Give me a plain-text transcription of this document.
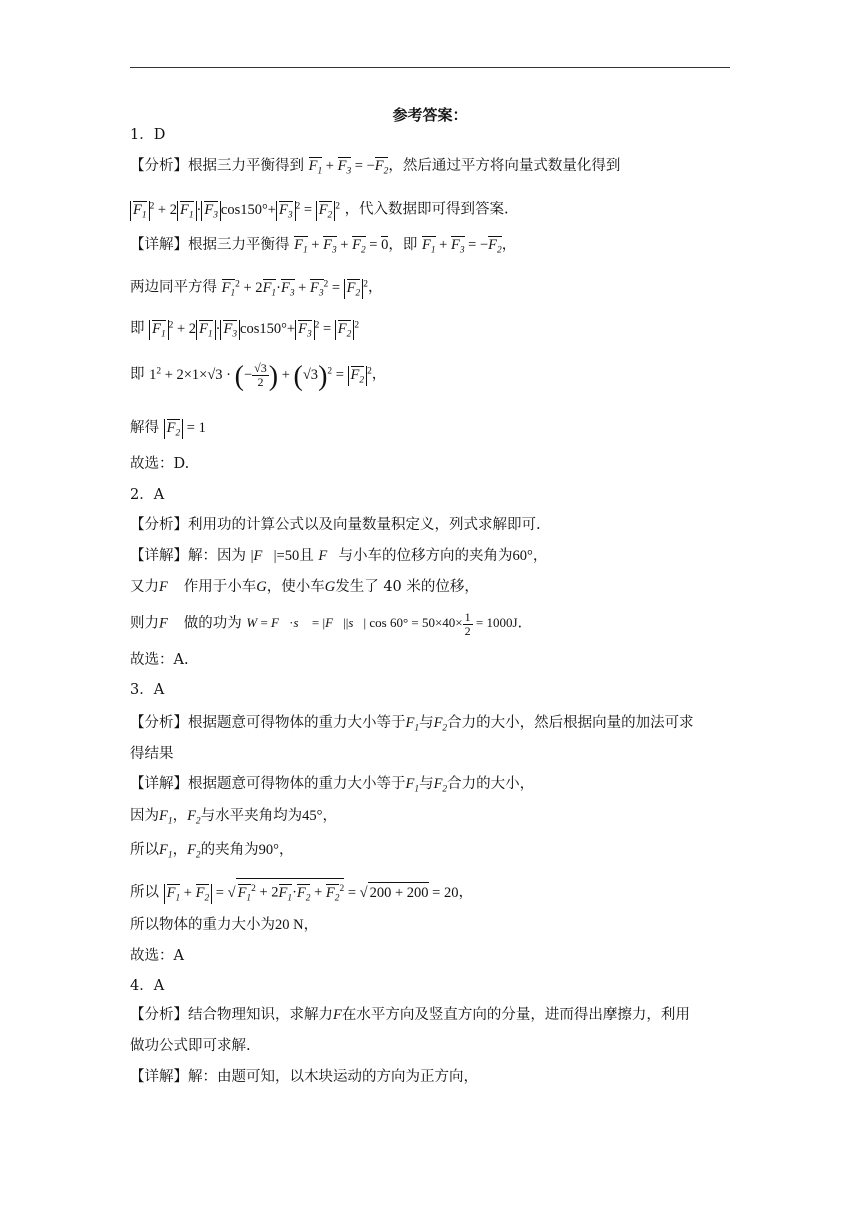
参考答案：
1．D
【分析】根据三力平衡得到 $F_1 + F_3 = -F_2$，然后通过平方将向量式数量化得到
$F_1^2 + 2$ $F_1 \cdot F_3$ $\cos 150^\circ+ F_3^2 = F_2^2$ ，代入数据即可得到答案.
【详解】根据三力平衡得 $F_1 + F_3 + F_2 = 0$，即 $F_1 + F_3 = -F_2$，
两边同平方得 $F_1^2 + 2F_1\cdot F_3 + F_3^2 = F_2^2$，
即 $F_1^2 + 2$ $F_1 \cdot F_3$ $\cos 150^\circ+ F_3^2 = F_2^2$
即 $1^2 + 2\times 1\times√3$ · (− $\frac{√3}{2}$ ) + $(√3)^2 = F_2^2$，
解得 $F_2 = 1$
故选：D.
2．A
【分析】利用功的计算公式以及向量数量积定义，列式求解即可.
【详解】解：因为 |F⃗|=50且 F⃗与小车的位移方向的夹角为60°，
又力F⃗ 作用于小车G，使小车G发生了 40 米的位移，
则力F⃗ 做的功为 W = F⃗·s⃗ = |F⃗||s⃗| $\cos 60^\circ = 50\times 40\times \frac{1}{2} = 1000J$.
故选：A.
3．A
【分析】根据题意可得物体的重力大小等于$F_1$与$F_2$合力的大小，然后根据向量的加法可求
得结果
【详解】根据题意可得物体的重力大小等于$F_1$与$F_2$合力的大小，
因为$F_1$，$F_2$与水平夹角均为45°，
所以$F_1$，$F_2$的夹角为90°，
所以 $F_1 + F_2$ = √ $F_1^2 + 2F_1\cdot F_2 + F_2^2$ = √ 200 + 200 = 20，
所以物体的重力大小为20 N，
故选：A
4．A
【分析】结合物理知识，求解力F在水平方向及竖直方向的分量，进而得出摩擦力，利用
做功公式即可求解.
【详解】解：由题可知，以木块运动的方向为正方向，
